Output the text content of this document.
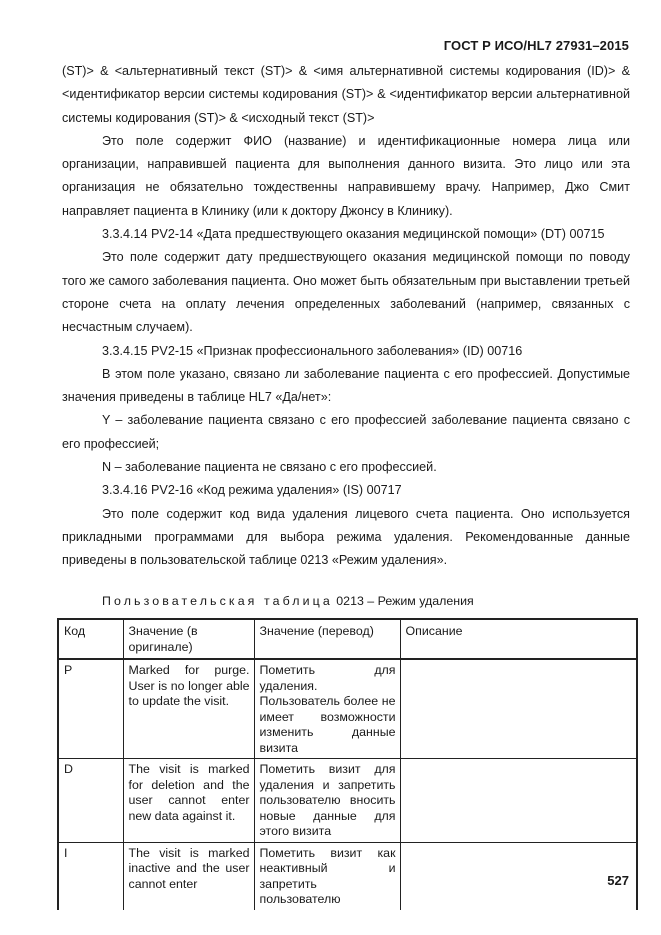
ГОСТ Р ИСО/HL7 27931–2015

(ST)> & <альтернативный текст (ST)> & <имя альтернативной системы кодирования (ID)> & <идентификатор версии системы кодирования (ST)> & <идентификатор версии альтернативной системы кодирования (ST)> & <исходный текст (ST)>

Это поле содержит ФИО (название) и идентификационные номера лица или организации, направившей пациента для выполнения данного визита. Это лицо или эта организация не обязательно тождественны направившему врачу. Например, Джо Смит направляет пациента в Клинику (или к доктору Джонсу в Клинику).

3.3.4.14 PV2-14 «Дата предшествующего оказания медицинской помощи» (DT) 00715

Это поле содержит дату предшествующего оказания медицинской помощи по поводу того же самого заболевания пациента. Оно может быть обязательным при выставлении третьей стороне счета на оплату лечения определенных заболеваний (например, связанных с несчастным случаем).

3.3.4.15 PV2-15 «Признак профессионального заболевания» (ID) 00716

В этом поле указано, связано ли заболевание пациента с его профессией. Допустимые значения приведены в таблице HL7 «Да/нет»:

Y – заболевание пациента связано с его профессией заболевание пациента связано с его профессией;

N – заболевание пациента не связано с его профессией.

3.3.4.16 PV2-16 «Код режима удаления» (IS) 00717

Это поле содержит код вида удаления лицевого счета пациента. Оно используется прикладными программами для выбора режима удаления. Рекомендованные данные приведены в пользовательской таблице 0213 «Режим удаления».

Пользовательская таблица 0213 – Режим удаления
Код	Значение (в оригинале)	Значение (перевод)	Описание
P	Marked for purge. User is no longer able to update the visit.	Пометить для удаления. Пользователь более не имеет возможности изменить данные визита	
D	The visit is marked for deletion and the user cannot enter new data against it.	Пометить визит для удаления и запретить пользователю вносить новые данные для этого визита	
I	The visit is marked inactive and the user cannot enter	Пометить визит как неактивный и запретить пользователю	
527
